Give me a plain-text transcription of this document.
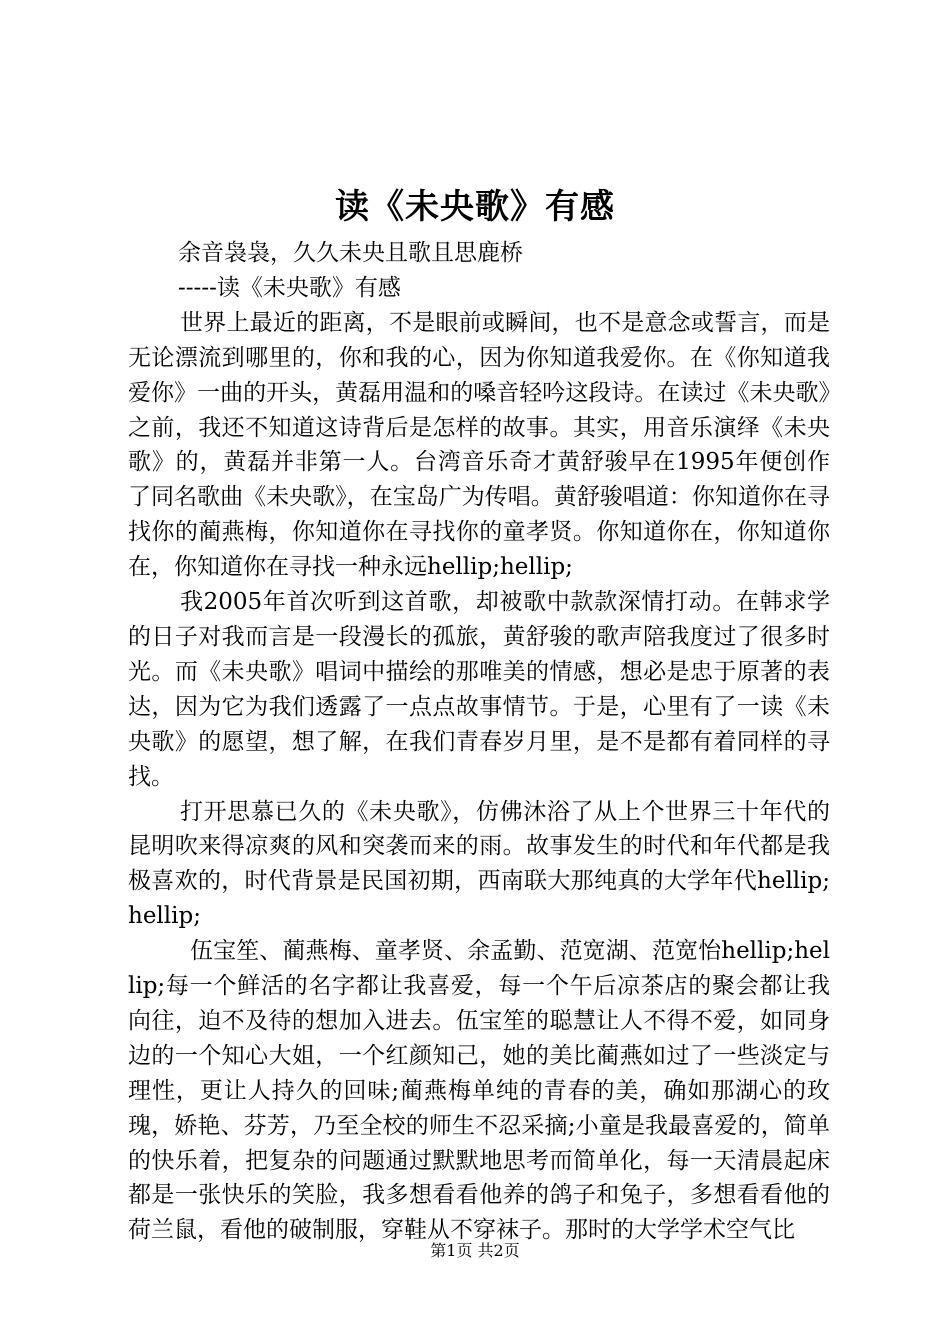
读《未央歌》有感

余音袅袅，久久未央且歌且思鹿桥

-----读《未央歌》有感

世界上最近的距离，不是眼前或瞬间，也不是意念或誓言，而是无论漂流到哪里的，你和我的心，因为你知道我爱你。在《你知道我爱你》一曲的开头，黄磊用温和的嗓音轻吟这段诗。在读过《未央歌》之前，我还不知道这诗背后是怎样的故事。其实，用音乐演绎《未央歌》的，黄磊并非第一人。台湾音乐奇才黄舒骏早在1995年便创作了同名歌曲《未央歌》，在宝岛广为传唱。黄舒骏唱道：你知道你在寻找你的蔺燕梅，你知道你在寻找你的童孝贤。你知道你在，你知道你在，你知道你在寻找一种永远hellip;hellip;

我2005年首次听到这首歌，却被歌中款款深情打动。在韩求学的日子对我而言是一段漫长的孤旅，黄舒骏的歌声陪我度过了很多时光。而《未央歌》唱词中描绘的那唯美的情感，想必是忠于原著的表达，因为它为我们透露了一点点故事情节。于是，心里有了一读《未央歌》的愿望，想了解，在我们青春岁月里，是不是都有着同样的寻找。

打开思慕已久的《未央歌》，仿佛沐浴了从上个世界三十年代的昆明吹来得凉爽的风和突袭而来的雨。故事发生的时代和年代都是我极喜欢的，时代背景是民国初期，西南联大那纯真的大学年代hellip;hellip;

伍宝笙、蔺燕梅、童孝贤、余孟勤、范宽湖、范宽怡hellip;hellip;每一个鲜活的名字都让我喜爱，每一个午后凉茶店的聚会都让我向往，迫不及待的想加入进去。伍宝笙的聪慧让人不得不爱，如同身边的一个知心大姐，一个红颜知己，她的美比蔺燕如过了一些淡定与理性，更让人持久的回味;蔺燕梅单纯的青春的美，确如那湖心的玫瑰，娇艳、芬芳，乃至全校的师生不忍采摘;小童是我最喜爱的，简单的快乐着，把复杂的问题通过默默地思考而简单化，每一天清晨起床都是一张快乐的笑脸，我多想看看他养的鸽子和兔子，多想看看他的荷兰鼠，看他的破制服，穿鞋从不穿袜子。那时的大学学术空气比

第1页 共2页
